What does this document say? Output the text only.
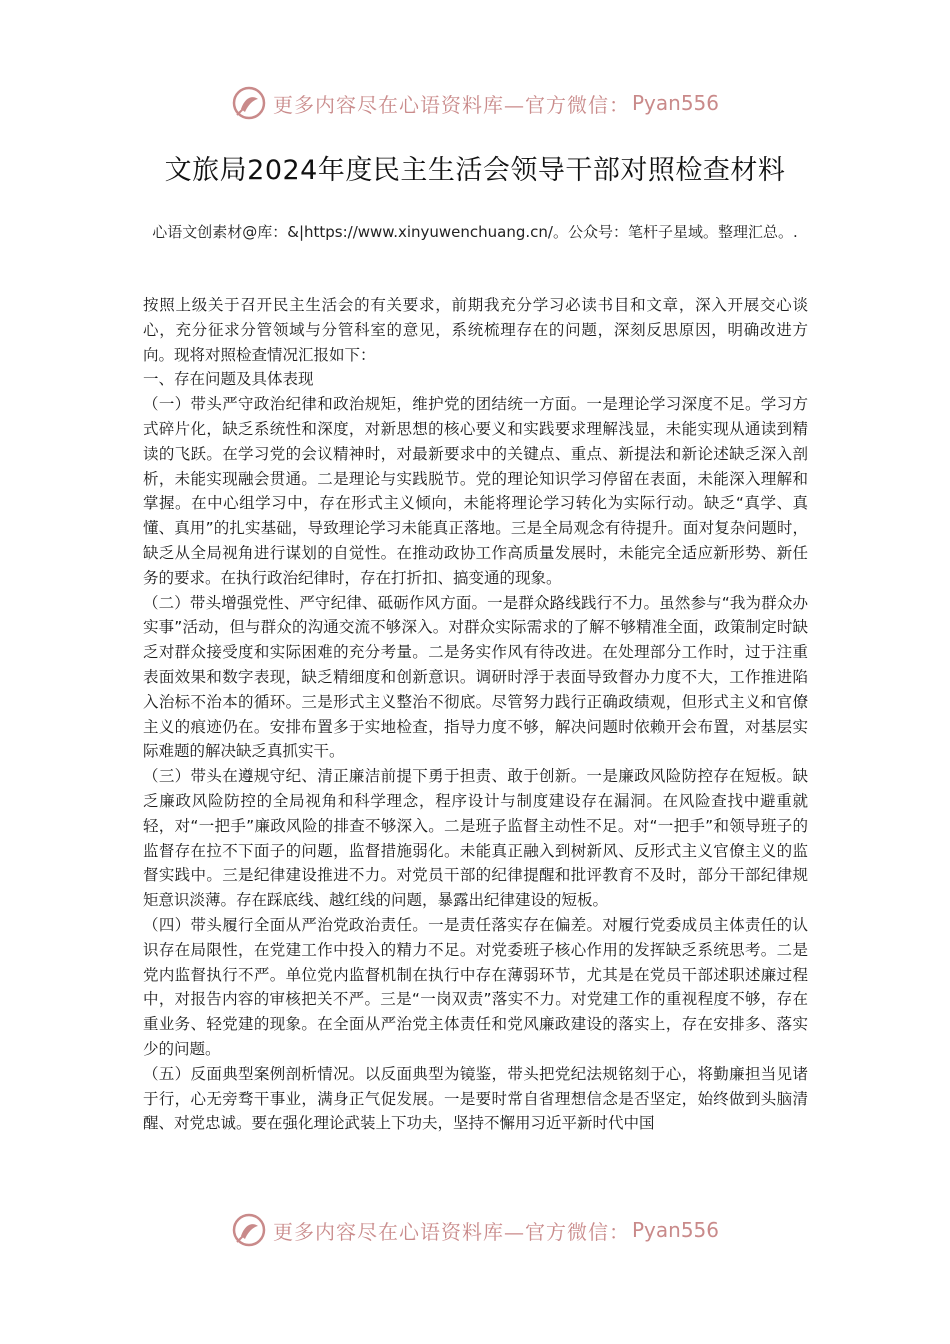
更多内容尽在心语资料库—官方微信： Pyan556
文旅局2024年度民主生活会领导干部对照检查材料

心语文创素材@库：&|https://www.xinyuwenchuang.cn/。公众号：笔杆子星域。整理汇总。.

按照上级关于召开民主生活会的有关要求，前期我充分学习必读书目和文章，深入开展交心谈心，充分征求分管领域与分管科室的意见，系统梳理存在的问题，深刻反思原因，明确改进方向。现将对照检查情况汇报如下：

一、存在问题及具体表现

（一）带头严守政治纪律和政治规矩，维护党的团结统一方面。一是理论学习深度不足。学习方式碎片化，缺乏系统性和深度，对新思想的核心要义和实践要求理解浅显，未能实现从通读到精读的飞跃。在学习党的会议精神时，对最新要求中的关键点、重点、新提法和新论述缺乏深入剖析，未能实现融会贯通。二是理论与实践脱节。党的理论知识学习停留在表面，未能深入理解和掌握。在中心组学习中，存在形式主义倾向，未能将理论学习转化为实际行动。缺乏“真学、真懂、真用”的扎实基础，导致理论学习未能真正落地。三是全局观念有待提升。面对复杂问题时，缺乏从全局视角进行谋划的自觉性。在推动政协工作高质量发展时，未能完全适应新形势、新任务的要求。在执行政治纪律时，存在打折扣、搞变通的现象。

（二）带头增强党性、严守纪律、砥砺作风方面。一是群众路线践行不力。虽然参与“我为群众办实事”活动，但与群众的沟通交流不够深入。对群众实际需求的了解不够精准全面，政策制定时缺乏对群众接受度和实际困难的充分考量。二是务实作风有待改进。在处理部分工作时，过于注重表面效果和数字表现，缺乏精细度和创新意识。调研时浮于表面导致督办力度不大，工作推进陷入治标不治本的循环。三是形式主义整治不彻底。尽管努力践行正确政绩观，但形式主义和官僚主义的痕迹仍在。安排布置多于实地检查，指导力度不够，解决问题时依赖开会布置，对基层实际难题的解决缺乏真抓实干。

（三）带头在遵规守纪、清正廉洁前提下勇于担责、敢于创新。一是廉政风险防控存在短板。缺乏廉政风险防控的全局视角和科学理念，程序设计与制度建设存在漏洞。在风险查找中避重就轻，对“一把手”廉政风险的排查不够深入。二是班子监督主动性不足。对“一把手”和领导班子的监督存在拉不下面子的问题，监督措施弱化。未能真正融入到树新风、反形式主义官僚主义的监督实践中。三是纪律建设推进不力。对党员干部的纪律提醒和批评教育不及时，部分干部纪律规矩意识淡薄。存在踩底线、越红线的问题，暴露出纪律建设的短板。

（四）带头履行全面从严治党政治责任。一是责任落实存在偏差。对履行党委成员主体责任的认识存在局限性，在党建工作中投入的精力不足。对党委班子核心作用的发挥缺乏系统思考。二是党内监督执行不严。单位党内监督机制在执行中存在薄弱环节，尤其是在党员干部述职述廉过程中，对报告内容的审核把关不严。三是“一岗双责”落实不力。对党建工作的重视程度不够，存在重业务、轻党建的现象。在全面从严治党主体责任和党风廉政建设的落实上，存在安排多、落实少的问题。

（五）反面典型案例剖析情况。以反面典型为镜鉴，带头把党纪法规铭刻于心，将勤廉担当见诸于行，心无旁骛干事业，满身正气促发展。一是要时常自省理想信念是否坚定，始终做到头脑清醒、对党忠诚。要在强化理论武装上下功夫，坚持不懈用习近平新时代中国

更多内容尽在心语资料库—官方微信： Pyan556
